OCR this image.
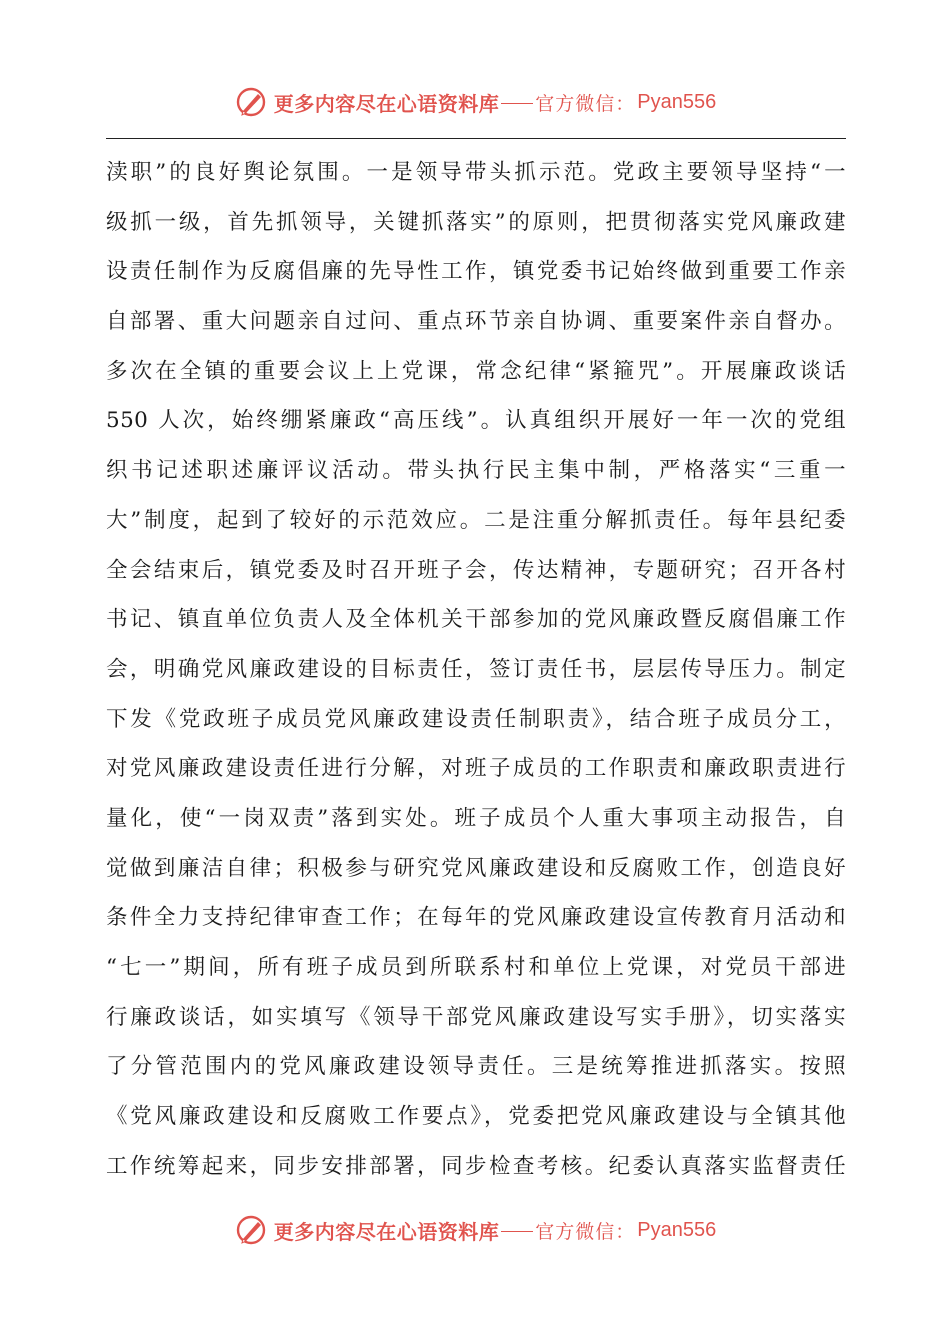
更多内容尽在心语资料库 官方微信： Pyan556
渎职”的良好舆论氛围。一是领导带头抓示范。党政主要领导坚持“一
级抓一级，首先抓领导，关键抓落实”的原则，把贯彻落实党风廉政建
设责任制作为反腐倡廉的先导性工作，镇党委书记始终做到重要工作亲
自部署、重大问题亲自过问、重点环节亲自协调、重要案件亲自督办。
多次在全镇的重要会议上上党课，常念纪律“紧箍咒”。开展廉政谈话
550 人次，始终绷紧廉政“高压线”。认真组织开展好一年一次的党组
织书记述职述廉评议活动。带头执行民主集中制，严格落实“三重一
大”制度，起到了较好的示范效应。二是注重分解抓责任。每年县纪委
全会结束后，镇党委及时召开班子会，传达精神，专题研究；召开各村
书记、镇直单位负责人及全体机关干部参加的党风廉政暨反腐倡廉工作
会，明确党风廉政建设的目标责任，签订责任书，层层传导压力。制定
下发《党政班子成员党风廉政建设责任制职责》，结合班子成员分工，
对党风廉政建设责任进行分解，对班子成员的工作职责和廉政职责进行
量化，使“一岗双责”落到实处。班子成员个人重大事项主动报告，自
觉做到廉洁自律；积极参与研究党风廉政建设和反腐败工作，创造良好
条件全力支持纪律审查工作；在每年的党风廉政建设宣传教育月活动和
“七一”期间，所有班子成员到所联系村和单位上党课，对党员干部进
行廉政谈话，如实填写《领导干部党风廉政建设写实手册》，切实落实
了分管范围内的党风廉政建设领导责任。三是统筹推进抓落实。按照
《党风廉政建设和反腐败工作要点》，党委把党风廉政建设与全镇其他
工作统筹起来，同步安排部署，同步检查考核。纪委认真落实监督责任
更多内容尽在心语资料库 官方微信： Pyan556
